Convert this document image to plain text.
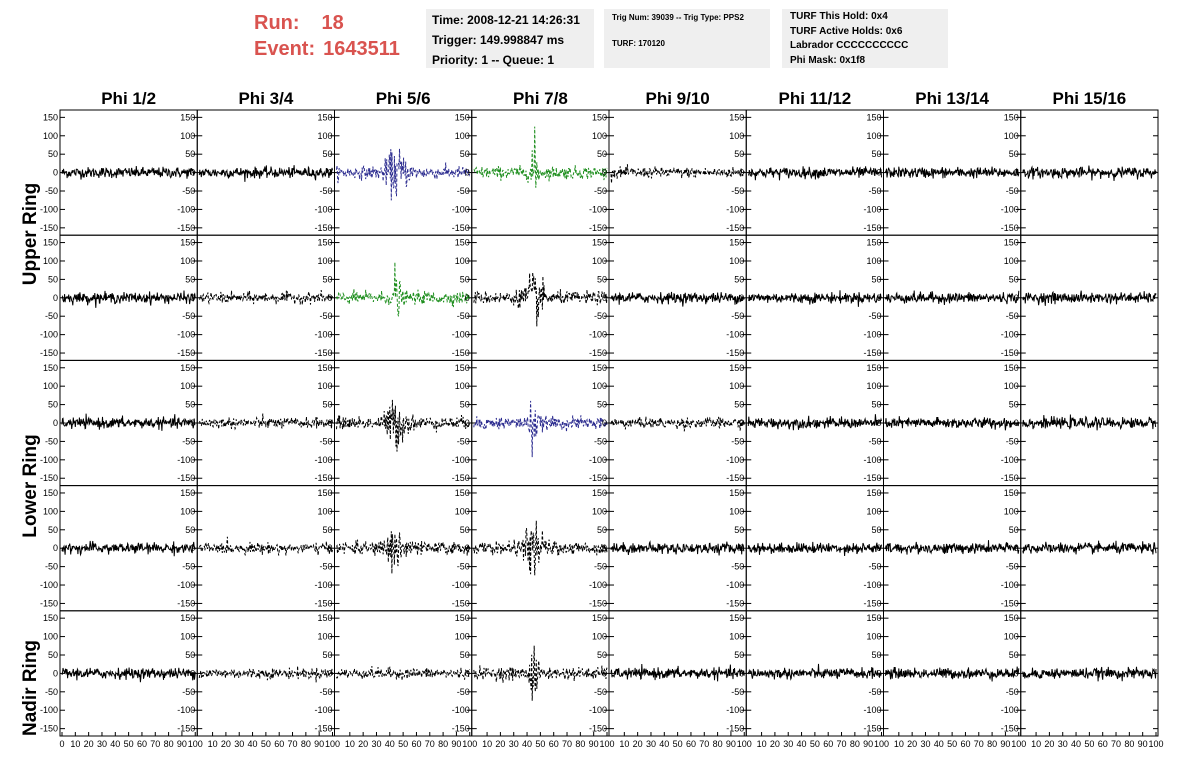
Run: 18
Event: 1643511
Time: 2008-12-21 14:26:31
Trigger: 149.998847 ms
Priority: 1 -- Queue: 1
Trig Num: 39039 -- Trig Type: PPS2
TURF: 170120
TURF This Hold: 0x4
TURF Active Holds: 0x6
Labrador CCCCCCCCCC
Phi Mask: 0x1f8
Upper Ring
Lower Ring
Nadir Ring
Phi 1/2	Phi 3/4	Phi 5/6	Phi 7/8	Phi 9/10	Phi 11/12	Phi 13/14	Phi 15/16
150
100
50
0
-50
-100
-150
150
100
50
0
-50
-100
-150
150
100
50
0
-50
-100
-150
150
100
50
0
-50
-100
-150
150
100
50
0
-50
-100
-150
150
100
50
0
-50
-100
-150
150
100
50
0
-50
-100
-150
150
100
50
0
-50
-100
-150
150
100
50
0
-50
-100
-150
150
100
50
0
-50
-100
-150
150
100
50
0
-50
-100
-150
150
100
50
0
-50
-100
-150
150
100
50
0
-50
-100
-150
150
100
50
0
-50
-100
-150
150
100
50
0
-50
-100
-150
150
100
50
0
-50
-100
-150
150
100
50
0
-50
-100
-150
150
100
50
0
-50
-100
-150
150
100
50
0
-50
-100
-150
150
100
50
0
-50
-100
-150
150
100
50
0
-50
-100
-150
150
100
50
0
-50
-100
-150
150
100
50
0
-50
-100
-150
150
100
50
0
-50
-100
-150
150
100
50
0
-50
-100
-150
150
100
50
0
-50
-100
-150
150
100
50
0
-50
-100
-150
150
100
50
0
-50
-100
-150
150
100
50
0
-50
-100
-150
150
100
50
0
-50
-100
-150
150
100
50
0
-50
-100
-150
150
100
50
0
-50
-100
-150
150
100
50
0
-50
-100
-150
150
100
50
0
-50
-100
-150
150
100
50
0
-50
-100
-150
150
100
50
0
-50
-100
-150
150
100
50
0
-50
-100
-150
150
100
50
0
-50
-100
-150
150
100
50
0
-50
-100
-150
150
100
50
0
-50
-100
-150
0 10 20 30 40 50 60 70 80 90 100 10 20 30 40 50 60 70 80 90 100 10 20 30 40 50 60 70 80 90 100 10 20 30 40 50 60 70 80 90 100 10 20 30 40 50 60 70 80 90 100 10 20 30 40 50 60 70 80 90 100 10 20 30 40 50 60 70 80 90 100 10 20 30 40 50 60 70 80 90 100
